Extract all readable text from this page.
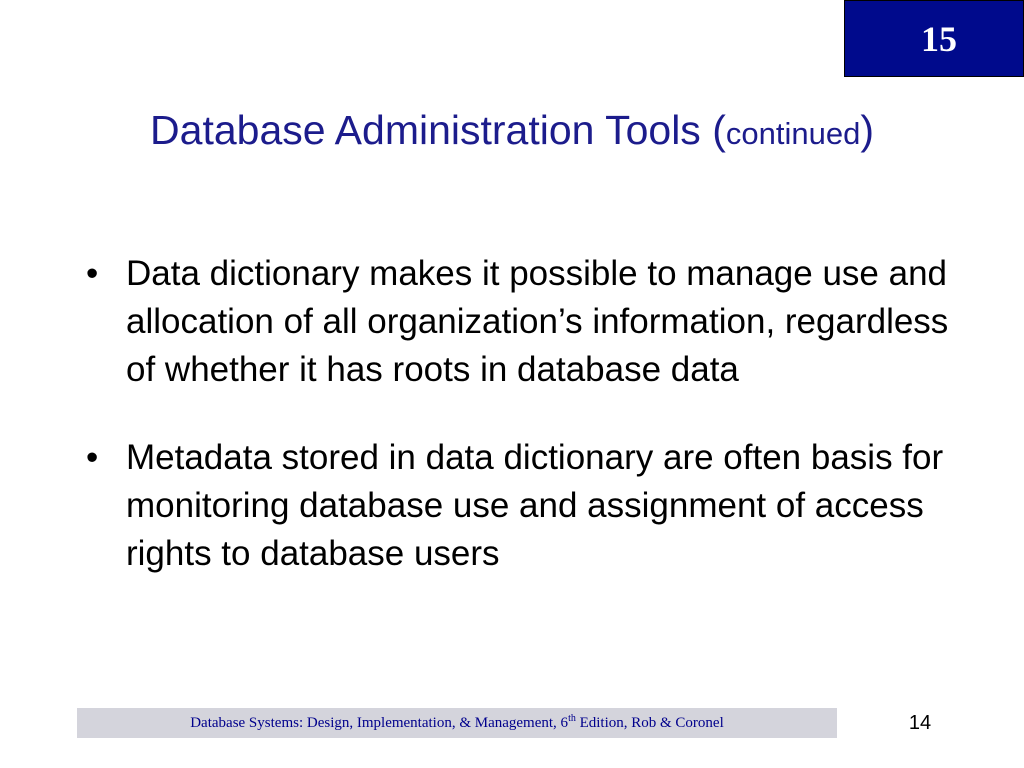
15
Database Administration Tools (continued)
• Data dictionary makes it possible to manage use and allocation of all organization’s information, regardless of whether it has roots in database data
• Metadata stored in data dictionary are often basis for monitoring database use and assignment of access rights to database users
Database Systems: Design, Implementation, & Management, 6th Edition, Rob & Coronel	14
